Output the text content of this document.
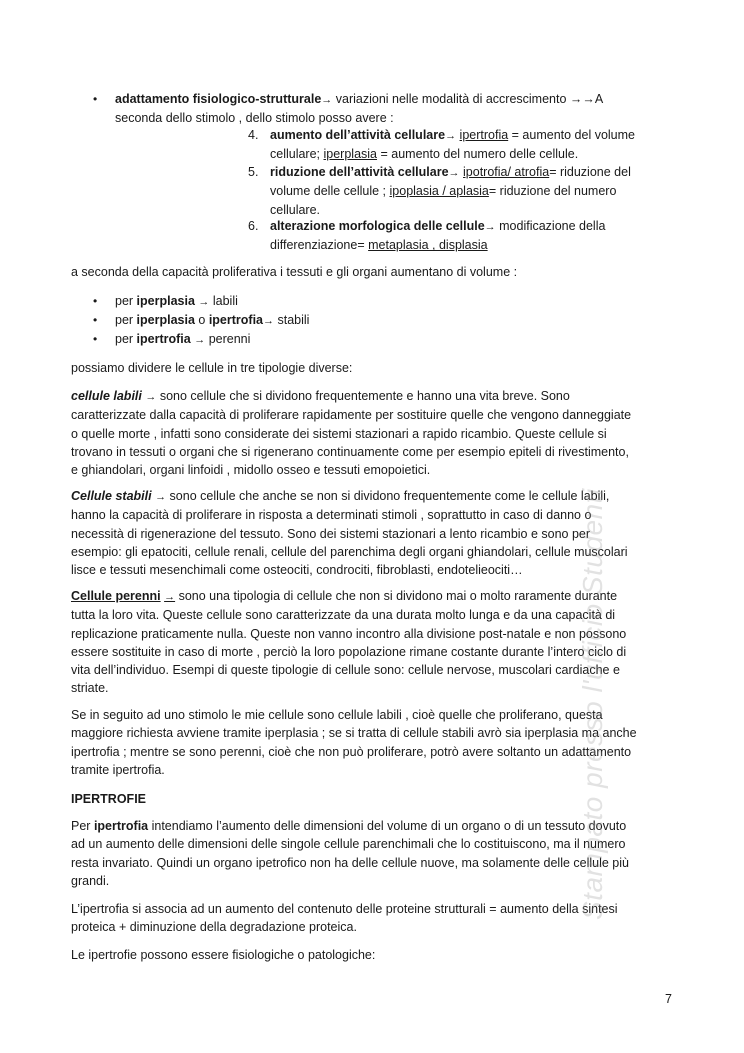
• adattamento fisiologico-strutturale→ variazioni nelle modalità di accrescimento →→A
seconda dello stimolo , dello stimolo posso avere :
4. aumento dell’attività cellulare→ ipertrofia = aumento del volume
cellulare; iperplasia = aumento del numero delle cellule.
5. riduzione dell’attività cellulare→ ipotrofia/ atrofia= riduzione del
volume delle cellule ; ipoplasia / aplasia= riduzione del numero
cellulare.
6. alterazione morfologica delle cellule→ modificazione della
differenziazione= metaplasia , displasia

a seconda della capacità proliferativa i tessuti e gli organi aumentano di volume :

• per iperplasia → labili
• per iperplasia o ipertrofia→ stabili
• per ipertrofia → perenni

possiamo dividere le cellule in tre tipologie diverse:

cellule labili → sono cellule che si dividono frequentemente e hanno una vita breve. Sono
caratterizzate dalla capacità di proliferare rapidamente per sostituire quelle che vengono danneggiate
o quelle morte , infatti sono considerate dei sistemi stazionari a rapido ricambio. Queste cellule si
trovano in tessuti o organi che si rigenerano continuamente come per esempio epiteli di rivestimento,
e ghiandolari, organi linfoidi , midollo osseo e tessuti emopoietici.

Cellule stabili → sono cellule che anche se non si dividono frequentemente come le cellule labili,
hanno la capacità di proliferare in risposta a determinati stimoli , soprattutto in caso di danno o
necessità di rigenerazione del tessuto. Sono dei sistemi stazionari a lento ricambio e sono per
esempio: gli epatociti, cellule renali, cellule del parenchima degli organi ghiandolari, cellule muscolari
lisce e tessuti mesenchimali come osteociti, condrociti, fibroblasti, endotelieociti…

Cellule perenni → sono una tipologia di cellule che non si dividono mai o molto raramente durante
tutta la loro vita. Queste cellule sono caratterizzate da una durata molto lunga e da una capacità di
replicazione praticamente nulla. Queste non vanno incontro alla divisione post-natale e non possono
essere sostituite in caso di morte , perciò la loro popolazione rimane costante durante l’intero ciclo di
vita dell’individuo. Esempi di queste tipologie di cellule sono: cellule nervose, muscolari cardiache e
striate.

Se in seguito ad uno stimolo le mie cellule sono cellule labili , cioè quelle che proliferano, questa
maggiore richiesta avviene tramite iperplasia ; se si tratta di cellule stabili avrò sia iperplasia ma anche
ipertrofia ; mentre se sono perenni, cioè che non può proliferare, potrò avere soltanto un adattamento
tramite ipertrofia.

IPERTROFIE

Per ipertrofia intendiamo l’aumento delle dimensioni del volume di un organo o di un tessuto dovuto
ad un aumento delle dimensioni delle singole cellule parenchimali che lo costituiscono, ma il numero
resta invariato. Quindi un organo ipetrofico non ha delle cellule nuove, ma solamente delle cellule più
grandi.

L’ipertrofia si associa ad un aumento del contenuto delle proteine strutturali = aumento della sintesi
proteica + diminuzione della degradazione proteica.

Le ipertrofie possono essere fisiologiche o patologiche:

Stampato presso l'ufficio Studenti
7
